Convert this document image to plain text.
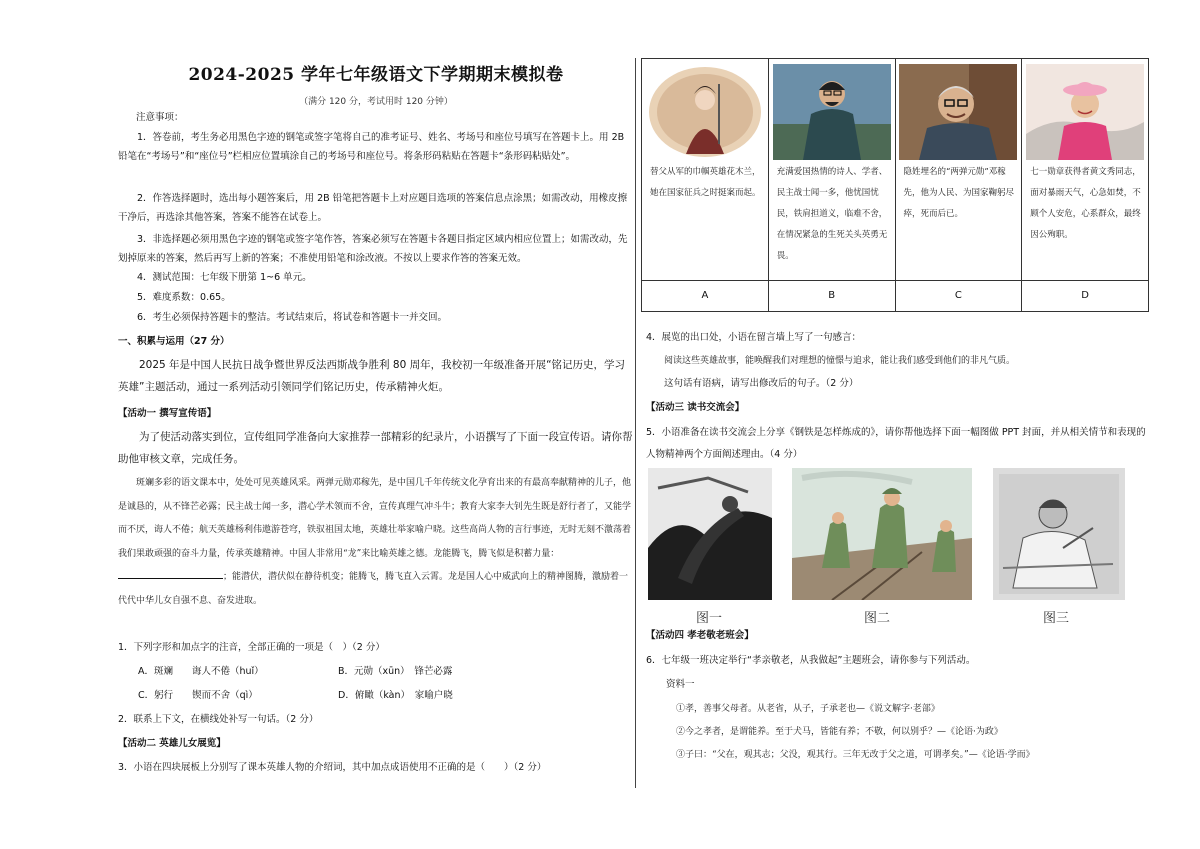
2024-2025 学年七年级语文下学期期末模拟卷
（满分 120 分，考试用时 120 分钟）
注意事项：
1．答卷前，考生务必用黑色字迹的钢笔或签字笔将自己的准考证号、姓名、考场号和座位号填写在答题卡上。用 2B 铅笔在“考场号”和“座位号”栏相应位置填涂自己的考场号和座位号。将条形码粘贴在答题卡“条形码粘贴处”。
2．作答选择题时，选出每小题答案后，用 2B 铅笔把答题卡上对应题目选项的答案信息点涂黑；如需改动，用橡皮擦干净后，再选涂其他答案，答案不能答在试卷上。
3．非选择题必须用黑色字迹的钢笔或签字笔作答，答案必须写在答题卡各题目指定区域内相应位置上；如需改动，先划掉原来的答案，然后再写上新的答案；不准使用铅笔和涂改液。不按以上要求作答的答案无效。
4．测试范围：七年级下册第 1~6 单元。
5．难度系数：0.65。
6．考生必须保持答题卡的整洁。考试结束后，将试卷和答题卡一并交回。
一、积累与运用（27 分）
2025 年是中国人民抗日战争暨世界反法西斯战争胜利 80 周年，我校初一年级准备开展“铭记历史，学习英雄”主题活动，通过一系列活动引领同学们铭记历史，传承精神火炬。
【活动一 撰写宣传语】
为了使活动落实到位，宣传组同学准备向大家推荐一部精彩的纪录片，小语撰写了下面一段宣传语。请你帮助他审核文章，完成任务。
斑斓多彩的语文课本中，处处可见英雄风采。两弹元勋邓稼先，是中国几千年传统文化孕育出来的有最高奉献精神的儿子，他是诚恳的，从不锋芒必露；民主战士闻一多，潜心学术领而不舍，宣传真理气冲斗牛；教育大家李大钊先生既是舒行者了，又能学而不厌，诲人不倦；航天英雄杨利伟遨游苍穹，铁驭祖国太地，英雄壮举家喻户晓。这些高尚人物的言行事迹，无时无刻不激荡着我们果敢顽强的奋斗力量，传承英雄精神。中国人非常用“龙”来比喻英雄之德。龙能腾飞，腾飞似是积蓄力量：；能潜伏，潜伏似在静待机变；能腾飞，腾飞直入云霄。龙是国人心中威武向上的精神图腾，激励着一代代中华儿女自强不息、奋发进取。
1．下列字形和加点字的注音，全部正确的一项是（　）（2 分）
A．斑斓　　诲人不倦（huǐ）	B．元勋（xūn）　锋芒必露
C．躬行　　锲而不舍（qì）	D．俯瞰（kàn）　家喻户晓
2．联系上下文，在横线处补写一句话。（2 分）
【活动二 英雄儿女展览】
3．小语在四块展板上分别写了课本英雄人物的介绍词，其中加点成语使用不正确的是（　　）（2 分）
替父从军的巾帼英雄花木兰，她在国家征兵之时挺案而起。	充满爱国热情的诗人、学者、民主战士闻一多，他忧国忧民，铁肩担道义，临难不舍，在情况紧急的生死关头英勇无畏。	隐姓埋名的“两弹元勋”邓稼先，他为人民、为国家鞠躬尽瘁，死而后已。	七一勋章获得者黄文秀同志，面对暴雨天气，心急如焚，不顾个人安危，心系群众，最终因公殉职。

A	B	C	D
4．展览的出口处，小语在留言墙上写了一句感言：
阅读这些英雄故事，能唤醒我们对理想的憧憬与追求，能让我们感受到他们的非凡气质。
这句话有语病，请写出修改后的句子。（2 分）
【活动三 读书交流会】
5．小语准备在读书交流会上分享《钢铁是怎样炼成的》，请你帮他选择下面一幅图做 PPT 封面，并从相关情节和表现的人物精神两个方面阐述理由。（4 分）
图一	图二	图三
【活动四 孝老敬老班会】
6．七年级一班决定举行“孝亲敬老，从我做起”主题班会，请你参与下列活动。
资料一
①孝，善事父母者。从老省，从子，子承老也—《说文解字·老部》
②今之孝者，是谓能养。至于犬马，皆能有养；不敬，何以别乎？—《论语·为政》
③子曰：“父在，观其志；父没，观其行。三年无改于父之道，可谓孝矣。”—《论语·学而》
